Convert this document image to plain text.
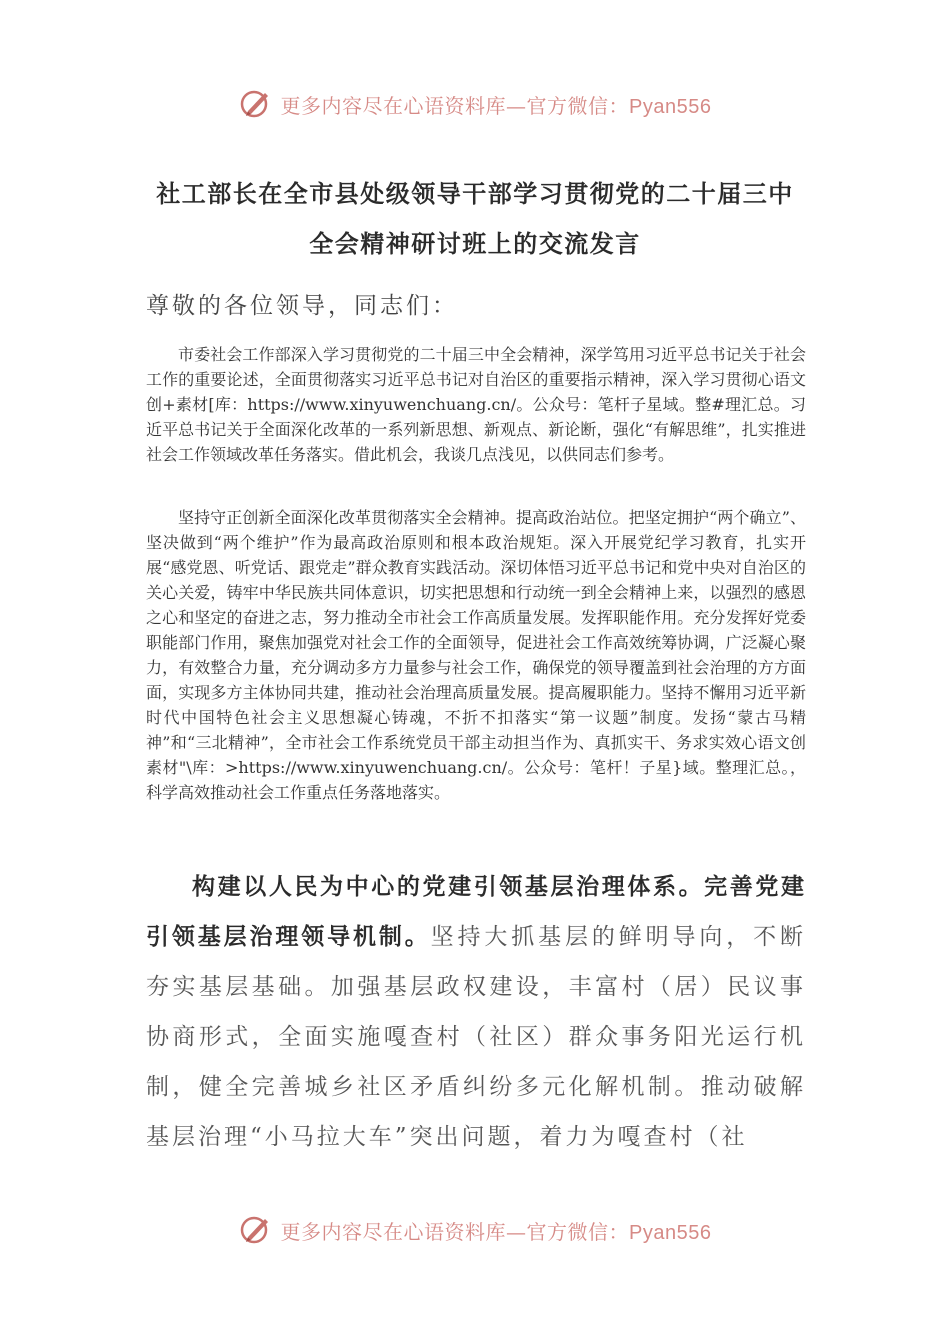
更多内容尽在心语资料库—官方微信：Pyan556
社工部长在全市县处级领导干部学习贯彻党的二十届三中
全会精神研讨班上的交流发言
尊敬的各位领导，同志们：

市委社会工作部深入学习贯彻党的二十届三中全会精神，深学笃用习近平总书记关于社会工作的重要论述，全面贯彻落实习近平总书记对自治区的重要指示精神，深入学习贯彻心语文创+素材[库：https://www.xinyuwenchuang.cn/。公众号：笔杆子星域。整#理汇总。习近平总书记关于全面深化改革的一系列新思想、新观点、新论断，强化“有解思维”，扎实推进社会工作领域改革任务落实。借此机会，我谈几点浅见，以供同志们参考。

坚持守正创新全面深化改革贯彻落实全会精神。提高政治站位。把坚定拥护“两个确立”、坚决做到“两个维护”作为最高政治原则和根本政治规矩。深入开展党纪学习教育，扎实开展“感党恩、听党话、跟党走”群众教育实践活动。深切体悟习近平总书记和党中央对自治区的关心关爱，铸牢中华民族共同体意识，切实把思想和行动统一到全会精神上来，以强烈的感恩之心和坚定的奋进之志，努力推动全市社会工作高质量发展。发挥职能作用。充分发挥好党委职能部门作用，聚焦加强党对社会工作的全面领导，促进社会工作高效统筹协调，广泛凝心聚力，有效整合力量，充分调动多方力量参与社会工作，确保党的领导覆盖到社会治理的方方面面，实现多方主体协同共建，推动社会治理高质量发展。提高履职能力。坚持不懈用习近平新时代中国特色社会主义思想凝心铸魂，不折不扣落实“第一议题”制度。发扬“蒙古马精神”和“三北精神”，全市社会工作系统党员干部主动担当作为、真抓实干、务求实效心语文创素材"\库：>https://www.xinyuwenchuang.cn/。公众号：笔杆！子星}域。整理汇总。，科学高效推动社会工作重点任务落地落实。

构建以人民为中心的党建引领基层治理体系。完善党建引领基层治理领导机制。坚持大抓基层的鲜明导向，不断夯实基层基础。加强基层政权建设，丰富村（居）民议事协商形式，全面实施嘎查村（社区）群众事务阳光运行机制，健全完善城乡社区矛盾纠纷多元化解机制。推动破解基层治理“小马拉大车”突出问题，着力为嘎查村（社

更多内容尽在心语资料库—官方微信：Pyan556
